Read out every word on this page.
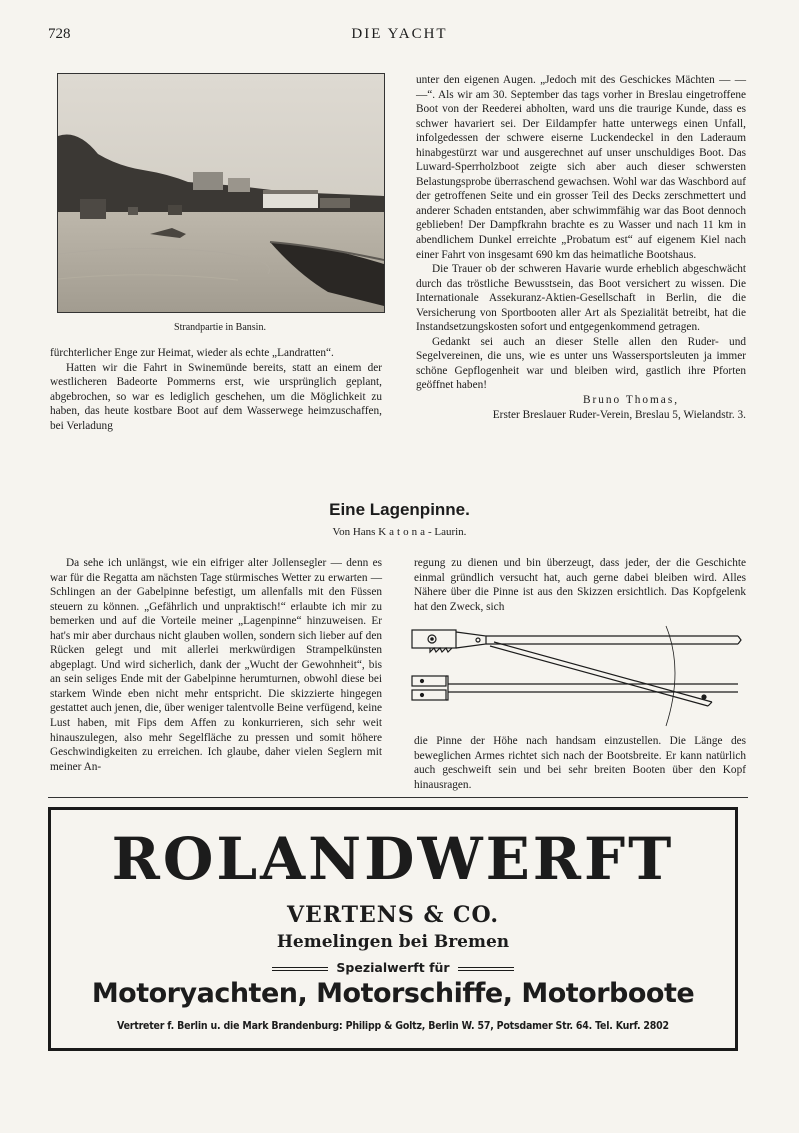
728	DIE YACHT
Strandpartie in Bansin.

fürchterlicher Enge zur Heimat, wieder als echte „Landratten“.

Hatten wir die Fahrt in Swinemünde bereits, statt an einem der westlicheren Badeorte Pommerns erst, wie ursprünglich geplant, abgebrochen, so war es lediglich geschehen, um die Möglichkeit zu haben, das heute kostbare Boot auf dem Wasserwege heimzuschaffen, bei Verladung

unter den eigenen Augen. „Jedoch mit des Geschickes Mächten — — —“. Als wir am 30. September das tags vorher in Breslau eingetroffene Boot von der Reederei abholten, ward uns die traurige Kunde, dass es schwer havariert sei. Der Eildampfer hatte unterwegs einen Unfall, infolgedessen der schwere eiserne Luckendeckel in den Laderaum hinabgestürzt war und ausgerechnet auf unser unschuldiges Boot. Das Luward-Sperrholzboot zeigte sich aber auch dieser schwersten Belastungsprobe überraschend gewachsen. Wohl war das Waschbord auf der getroffenen Seite und ein grosser Teil des Decks zerschmettert und anderer Schaden entstanden, aber schwimmfähig war das Boot dennoch geblieben! Der Dampfkrahn brachte es zu Wasser und nach 11 km in abendlichem Dunkel erreichte „Probatum est“ auf eigenem Kiel nach einer Fahrt von insgesamt 690 km das heimatliche Bootshaus.

Die Trauer ob der schweren Havarie wurde erheblich abgeschwächt durch das tröstliche Bewusstsein, das Boot versichert zu wissen. Die Internationale Assekuranz-Aktien-Gesellschaft in Berlin, die die Versicherung von Sportbooten aller Art als Spezialität betreibt, hat die Instandsetzungskosten sofort und entgegenkommend getragen.

Gedankt sei auch an dieser Stelle allen den Ruder- und Segelvereinen, die uns, wie es unter uns Wassersportsleuten ja immer schöne Gepflogenheit war und bleiben wird, gastlich ihre Pforten geöffnet haben!

Bruno Thomas,

Erster Breslauer Ruder-Verein, Breslau 5, Wielandstr. 3.

Eine Lagenpinne.
Von Hans Katona- Laurin.

Da sehe ich unlängst, wie ein eifriger alter Jollensegler — denn es war für die Regatta am nächsten Tage stürmisches Wetter zu erwarten — Schlingen an der Gabelpinne befestigt, um allenfalls mit den Füssen steuern zu können. „Gefährlich und unpraktisch!“ erlaubte ich mir zu bemerken und auf die Vorteile meiner „Lagenpinne“ hinzuweisen. Er hat's mir aber durchaus nicht glauben wollen, sondern sich lieber auf den Rücken gelegt und mit allerlei merkwürdigen Strampelkünsten abgeplagt. Und wird sicherlich, dank der „Wucht der Gewohnheit“, bis an sein seliges Ende mit der Gabelpinne herumturnen, obwohl diese bei starkem Winde eben nicht mehr entspricht. Die skizzierte hingegen gestattet auch jenen, die, über weniger talentvolle Beine verfügend, keine Lust haben, mit Fips dem Affen zu konkurrieren, sich sehr weit hinauszulegen, also mehr Segelfläche zu pressen und somit höhere Geschwindigkeiten zu erreichen. Ich glaube, daher vielen Seglern mit meiner An-

regung zu dienen und bin überzeugt, dass jeder, der die Geschichte einmal gründlich versucht hat, auch gerne dabei bleiben wird. Alles Nähere über die Pinne ist aus den Skizzen ersichtlich. Das Kopfgelenk hat den Zweck, sich

die Pinne der Höhe nach handsam einzustellen. Die Länge des beweglichen Armes richtet sich nach der Bootsbreite. Er kann natürlich auch geschweift sein und bei sehr breiten Booten über den Kopf hinausragen.

ROLANDWERFT
VERTENS & CO.
Hemelingen bei Bremen
Spezialwerft für
Motoryachten, Motorschiffe, Motorboote
Vertreter f. Berlin u. die Mark Brandenburg: Philipp & Goltz, Berlin W. 57, Potsdamer Str. 64. Tel. Kurf. 2802
